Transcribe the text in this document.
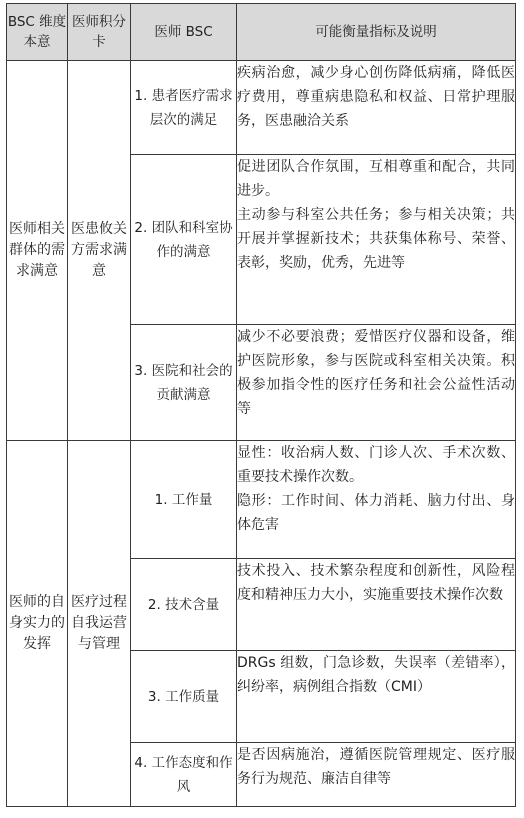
BSC 维度本意	医师积分卡	医师 BSC	可能衡量指标及说明
医师相关群体的需求满意	医患攸关方需求满意	1. 患者医疗需求层次的满足	疾病治愈，减少身心创伤降低病痛，降低医疗费用，尊重病患隐私和权益、日常护理服务，医患融洽关系

		2. 团队和科室协作的满意	促进团队合作氛围，互相尊重和配合，共同进步。
主动参与科室公共任务；参与相关决策；共开展并掌握新技术；共获集体称号、荣誉、表彰，奖励，优秀，先进等

		3. 医院和社会的贡献满意	减少不必要浪费；爱惜医疗仪器和设备，维护医院形象，参与医院或科室相关决策。积极参加指令性的医疗任务和社会公益性活动等

医师的自身实力的发挥	医疗过程自我运营与管理	1. 工作量	显性：收治病人数、门诊人次、手术次数、重要技术操作次数。
隐形：工作时间、体力消耗、脑力付出、身体危害

		2. 技术含量	技术投入、技术繁杂程度和创新性，风险程度和精神压力大小，实施重要技术操作次数

		3. 工作质量	DRGs 组数，门急诊数，失误率（差错率），纠纷率，病例组合指数（CMI）

		4. 工作态度和作风	是否因病施治，遵循医院管理规定、医疗服务行为规范、廉洁自律等
